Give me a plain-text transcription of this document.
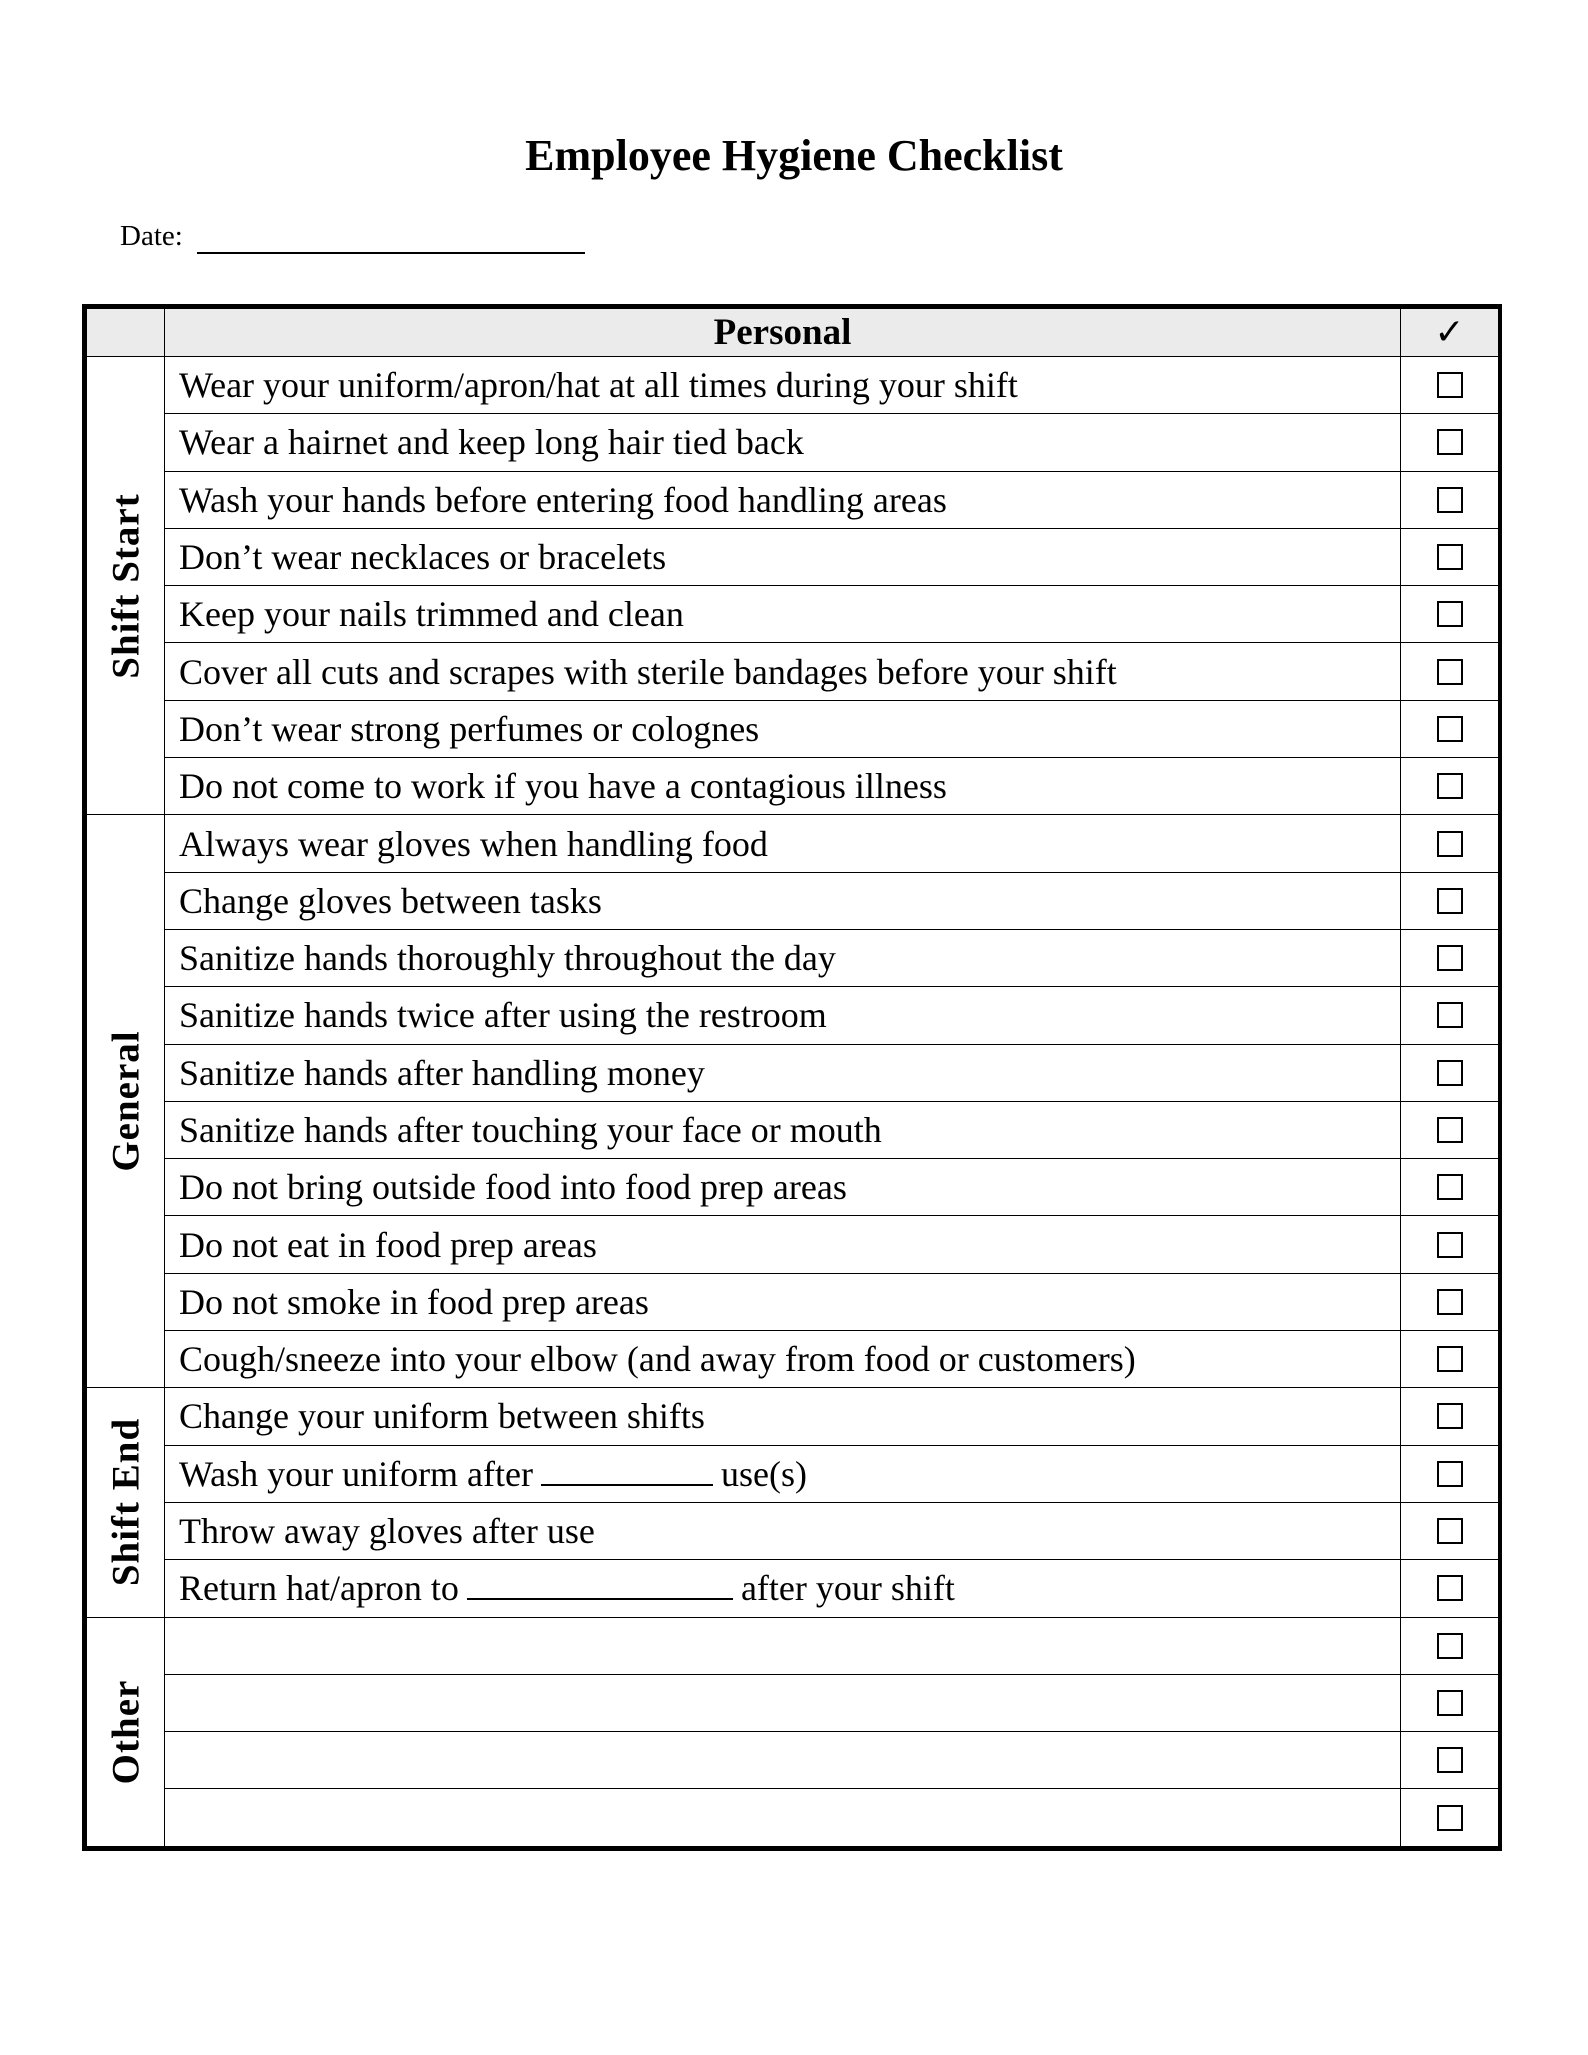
Employee Hygiene Checklist
Date:
	Personal	✓

Shift Start	Wear your uniform/apron/hat at all times during your shift	
	Wear a hairnet and keep long hair tied back	
	Wash your hands before entering food handling areas	
	Don’t wear necklaces or bracelets	
	Keep your nails trimmed and clean	
	Cover all cuts and scrapes with sterile bandages before your shift	
	Don’t wear strong perfumes or colognes	
	Do not come to work if you have a contagious illness	

General	Always wear gloves when handling food	
	Change gloves between tasks	
	Sanitize hands thoroughly throughout the day	
	Sanitize hands twice after using the restroom	
	Sanitize hands after handling money	
	Sanitize hands after touching your face or mouth	
	Do not bring outside food into food prep areas	
	Do not eat in food prep areas	
	Do not smoke in food prep areas	
	Cough/sneeze into your elbow (and away from food or customers)	

Shift End	Change your uniform between shifts	
	Wash your uniform after use(s)	
	Throw away gloves after use	
	Return hat/apron to after your shift	

Other		
